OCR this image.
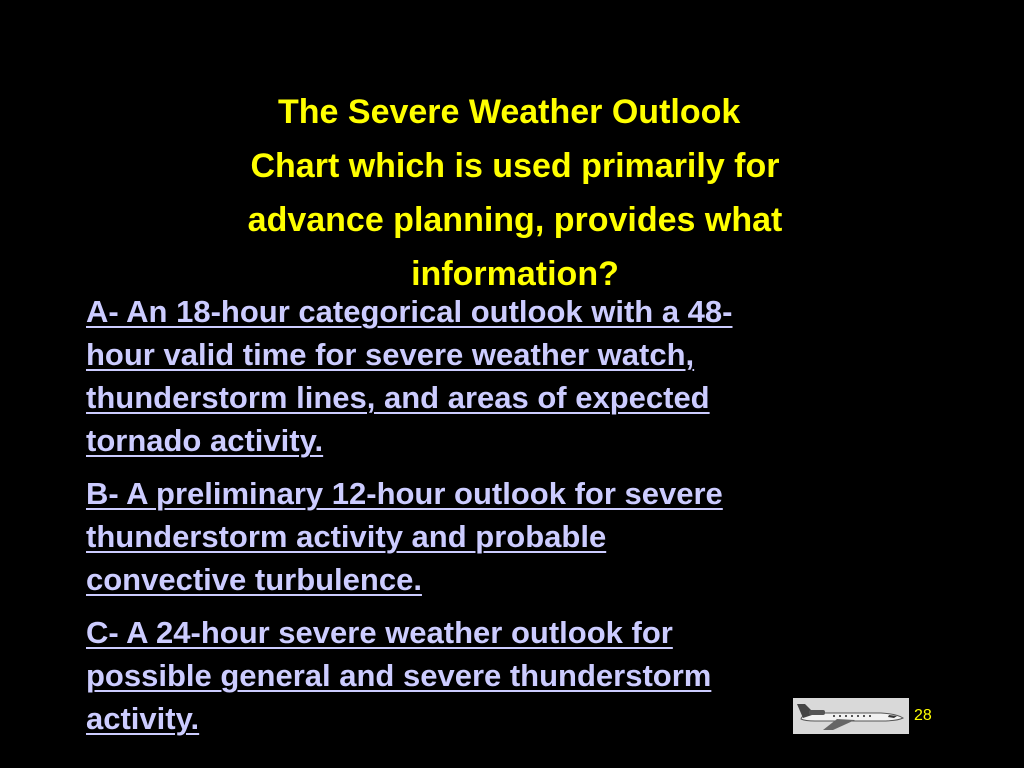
The Severe Weather Outlook
Chart which is used primarily for
advance planning, provides what
information?
A- An 18-hour categorical outlook with a 48-
hour valid time for severe weather watch,
thunderstorm lines, and areas of expected
tornado activity.
B- A preliminary 12-hour outlook for severe
thunderstorm activity and probable
convective turbulence.
C- A 24-hour severe weather outlook for
possible general and severe thunderstorm
activity.	28
